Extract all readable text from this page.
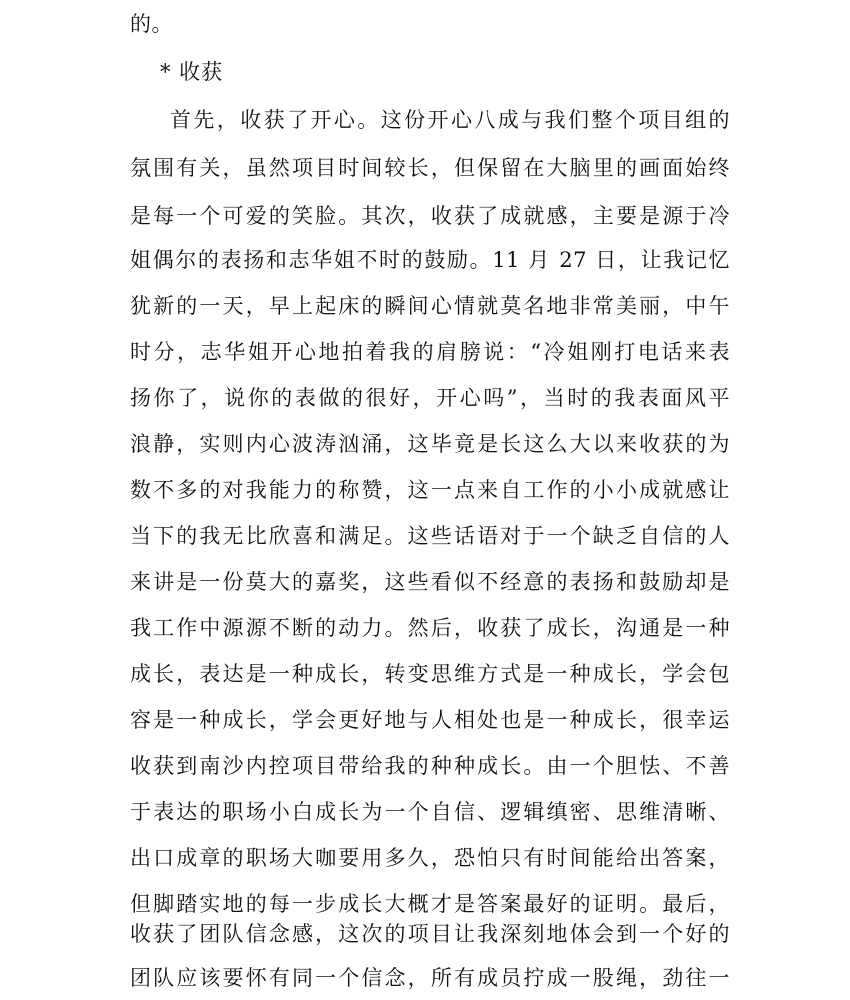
的。
* 收获
首先，收获了开心。这份开心八成与我们整个项目组的
氛围有关，虽然项目时间较长，但保留在大脑里的画面始终
是每一个可爱的笑脸。其次，收获了成就感，主要是源于冷
姐偶尔的表扬和志华姐不时的鼓励。11 月 27 日，让我记忆
犹新的一天，早上起床的瞬间心情就莫名地非常美丽，中午
时分，志华姐开心地拍着我的肩膀说：“冷姐刚打电话来表
扬你了，说你的表做的很好，开心吗”，当时的我表面风平
浪静，实则内心波涛汹涌，这毕竟是长这么大以来收获的为
数不多的对我能力的称赞，这一点来自工作的小小成就感让
当下的我无比欣喜和满足。这些话语对于一个缺乏自信的人
来讲是一份莫大的嘉奖，这些看似不经意的表扬和鼓励却是
我工作中源源不断的动力。然后，收获了成长，沟通是一种
成长，表达是一种成长，转变思维方式是一种成长，学会包
容是一种成长，学会更好地与人相处也是一种成长，很幸运
收获到南沙内控项目带给我的种种成长。由一个胆怯、不善
于表达的职场小白成长为一个自信、逻辑缜密、思维清晰、
出口成章的职场大咖要用多久，恐怕只有时间能给出答案，
但脚踏实地的每一步成长大概才是答案最好的证明。最后，
收获了团队信念感，这次的项目让我深刻地体会到一个好的
团队应该要怀有同一个信念，所有成员拧成一股绳，劲往一
